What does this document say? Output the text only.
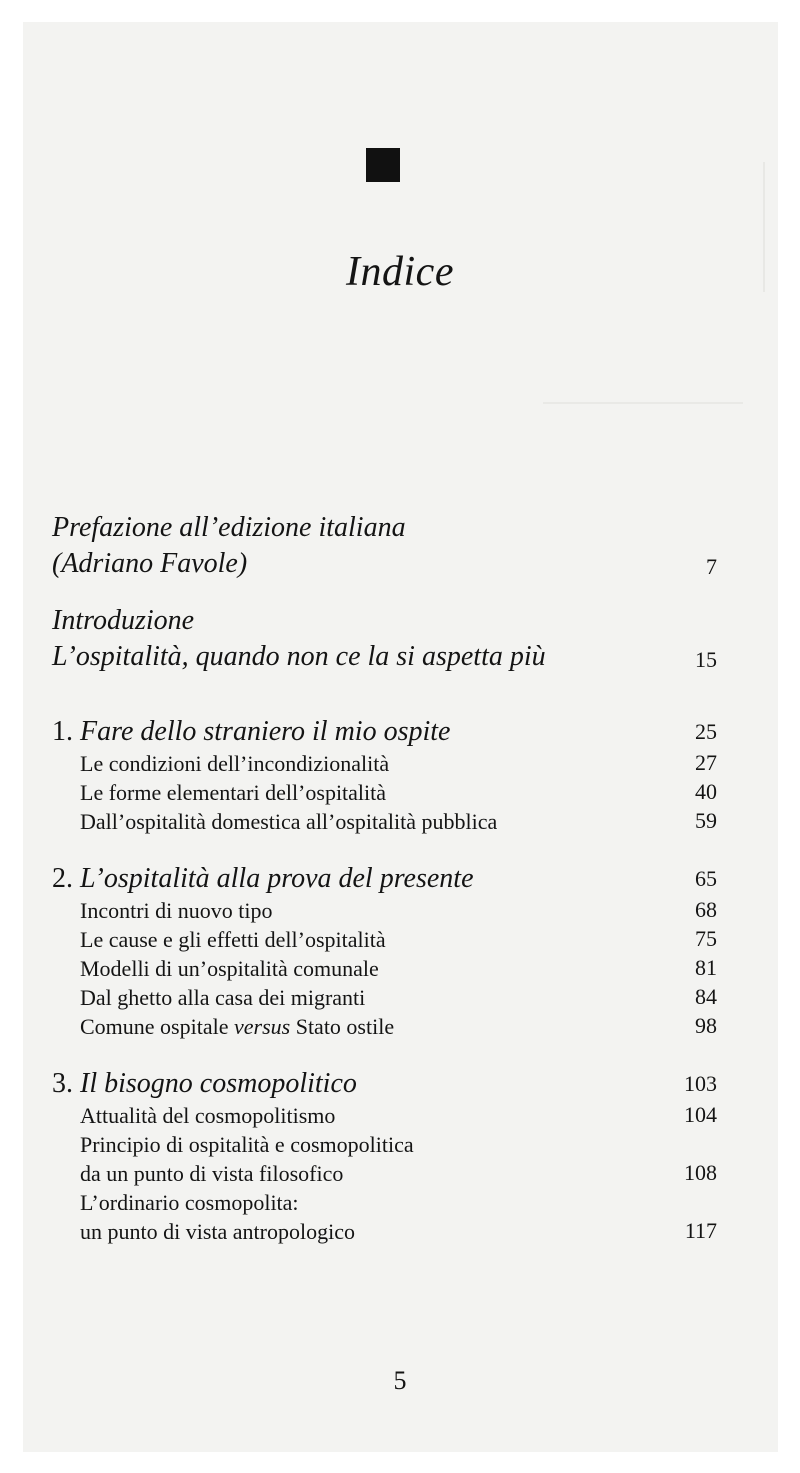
Indice
Prefazione all’edizione italiana
(Adriano Favole)	7
Introduzione
L’ospitalità, quando non ce la si aspetta più	15
1. Fare dello straniero il mio ospite	25
Le condizioni dell’incondizionalità	27
Le forme elementari dell’ospitalità	40
Dall’ospitalità domestica all’ospitalità pubblica	59
2. L’ospitalità alla prova del presente	65
Incontri di nuovo tipo	68
Le cause e gli effetti dell’ospitalità	75
Modelli di un’ospitalità comunale	81
Dal ghetto alla casa dei migranti	84
Comune ospitale versus Stato ostile	98
3. Il bisogno cosmopolitico	103
Attualità del cosmopolitismo	104
Principio di ospitalità e cosmopolitica
da un punto di vista filosofico	108
L’ordinario cosmopolita:
un punto di vista antropologico	117
5
